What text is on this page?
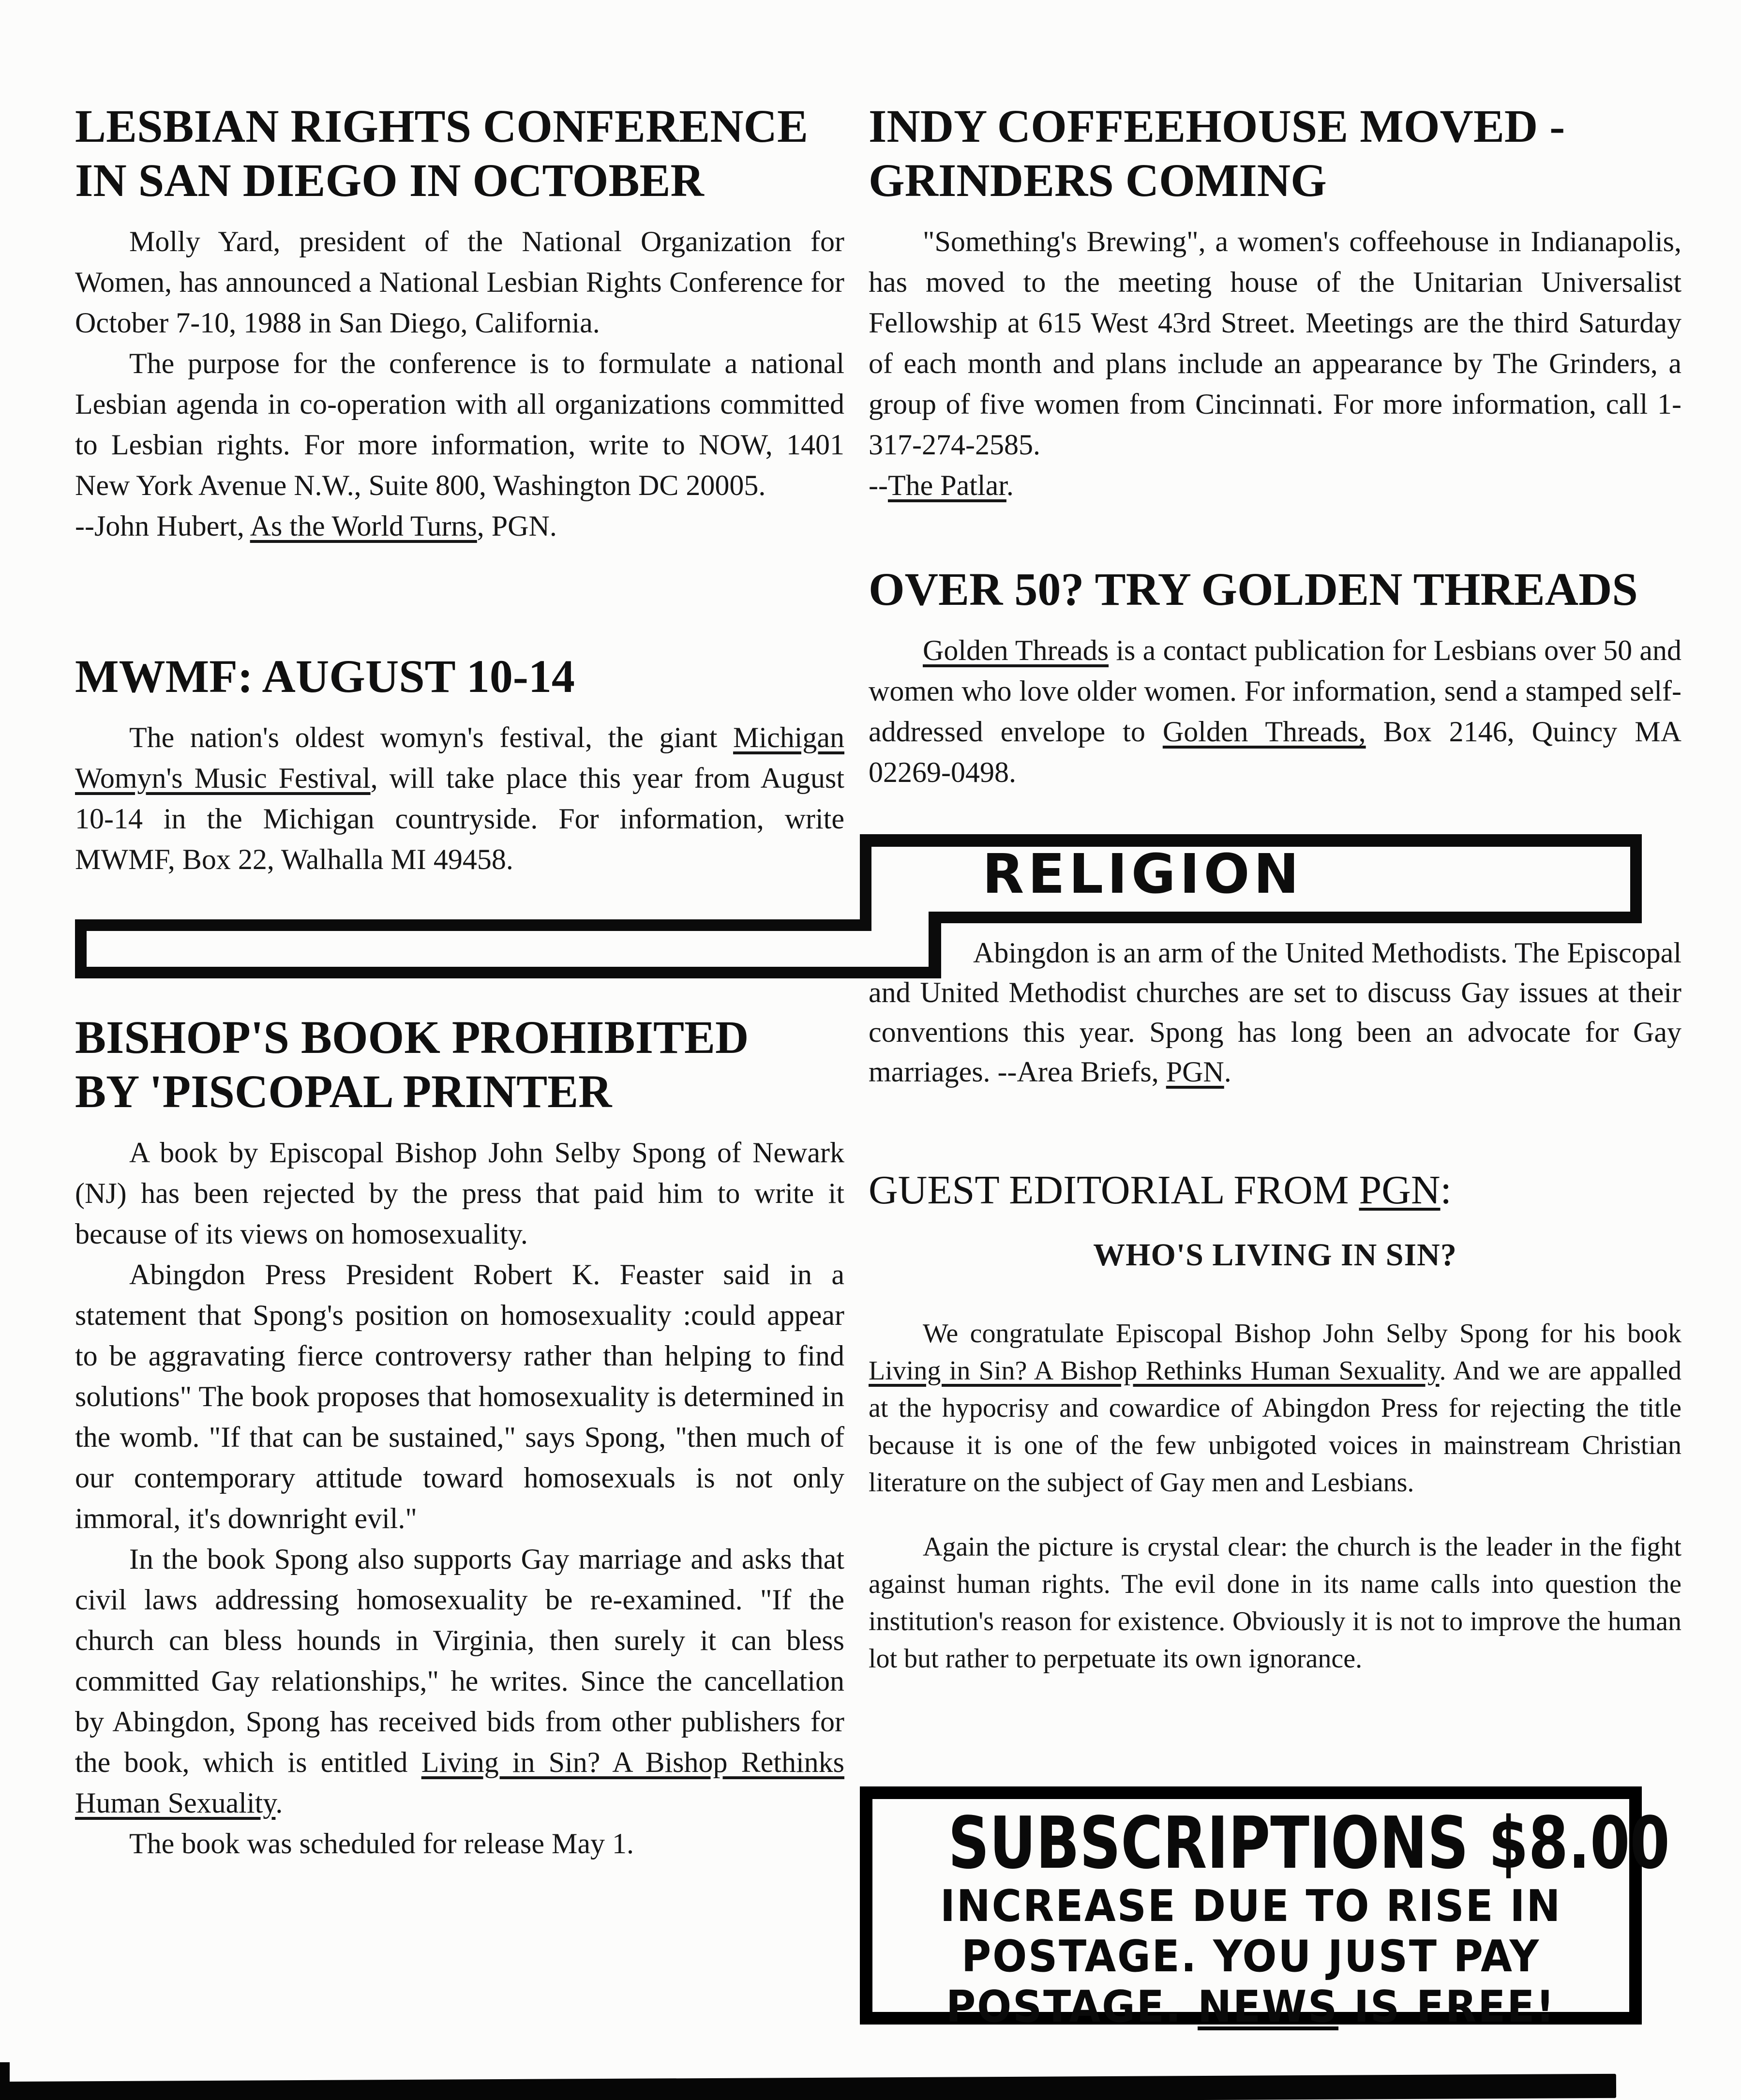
LESBIAN RIGHTS CONFERENCE
IN SAN DIEGO IN OCTOBER

Molly Yard, president of the National Organization for Women, has announced a National Lesbian Rights Conference for October 7-10, 1988 in San Diego, California.

The purpose for the conference is to formulate a national Lesbian agenda in co-operation with all organizations committed to Lesbian rights. For more information, write to NOW, 1401 New York Avenue N.W., Suite 800, Washington DC 20005.

--John Hubert, As the World Turns, PGN.

MWMF: AUGUST 10-14

The nation's oldest womyn's festival, the giant Michigan Womyn's Music Festival, will take place this year from August 10-14 in the Michigan countryside. For information, write MWMF, Box 22, Walhalla MI 49458.

BISHOP'S BOOK PROHIBITED
BY 'PISCOPAL PRINTER

A book by Episcopal Bishop John Selby Spong of Newark (NJ) has been rejected by the press that paid him to write it because of its views on homosexuality.

Abingdon Press President Robert K. Feaster said in a statement that Spong's position on homosexuality :could appear to be aggravating fierce controversy rather than helping to find solutions" The book proposes that homosexuality is determined in the womb. "If that can be sustained," says Spong, "then much of our contemporary attitude toward homosexuals is not only immoral, it's downright evil."

In the book Spong also supports Gay marriage and asks that civil laws addressing homosexuality be re-examined. "If the church can bless hounds in Virginia, then surely it can bless committed Gay relationships," he writes. Since the cancellation by Abingdon, Spong has received bids from other publishers for the book, which is entitled Living in Sin? A Bishop Rethinks Human Sexuality.

The book was scheduled for release May 1.

INDY COFFEEHOUSE MOVED -
GRINDERS COMING

"Something's Brewing", a women's coffeehouse in Indianapolis, has moved to the meeting house of the Unitarian Universalist Fellowship at 615 West 43rd Street. Meetings are the third Saturday of each month and plans include an appearance by The Grinders, a group of five women from Cincinnati. For more information, call 1-317-274-2585.

--The Patlar.

OVER 50? TRY GOLDEN THREADS

Golden Threads is a contact publication for Lesbians over 50 and women who love older women. For information, send a stamped self-addressed envelope to Golden Threads, Box 2146, Quincy MA 02269-0498.

RELIGION

Abingdon is an arm of the United Methodists. The Episcopal and United Methodist churches are set to discuss Gay issues at their conventions this year. Spong has long been an advocate for Gay marriages. --Area Briefs, PGN.

GUEST EDITORIAL FROM PGN:
WHO'S LIVING IN SIN?

We congratulate Episcopal Bishop John Selby Spong for his book Living in Sin? A Bishop Rethinks Human Sexuality. And we are appalled at the hypocrisy and cowardice of Abingdon Press for rejecting the title because it is one of the few unbigoted voices in mainstream Christian literature on the subject of Gay men and Lesbians.

Again the picture is crystal clear: the church is the leader in the fight against human rights. The evil done in its name calls into question the institution's reason for existence. Obviously it is not to improve the human lot but rather to perpetuate its own ignorance.

SUBSCRIPTIONS $8.00
INCREASE DUE TO RISE IN
POSTAGE. YOU JUST PAY
POSTAGE. NEWS IS FREE!
